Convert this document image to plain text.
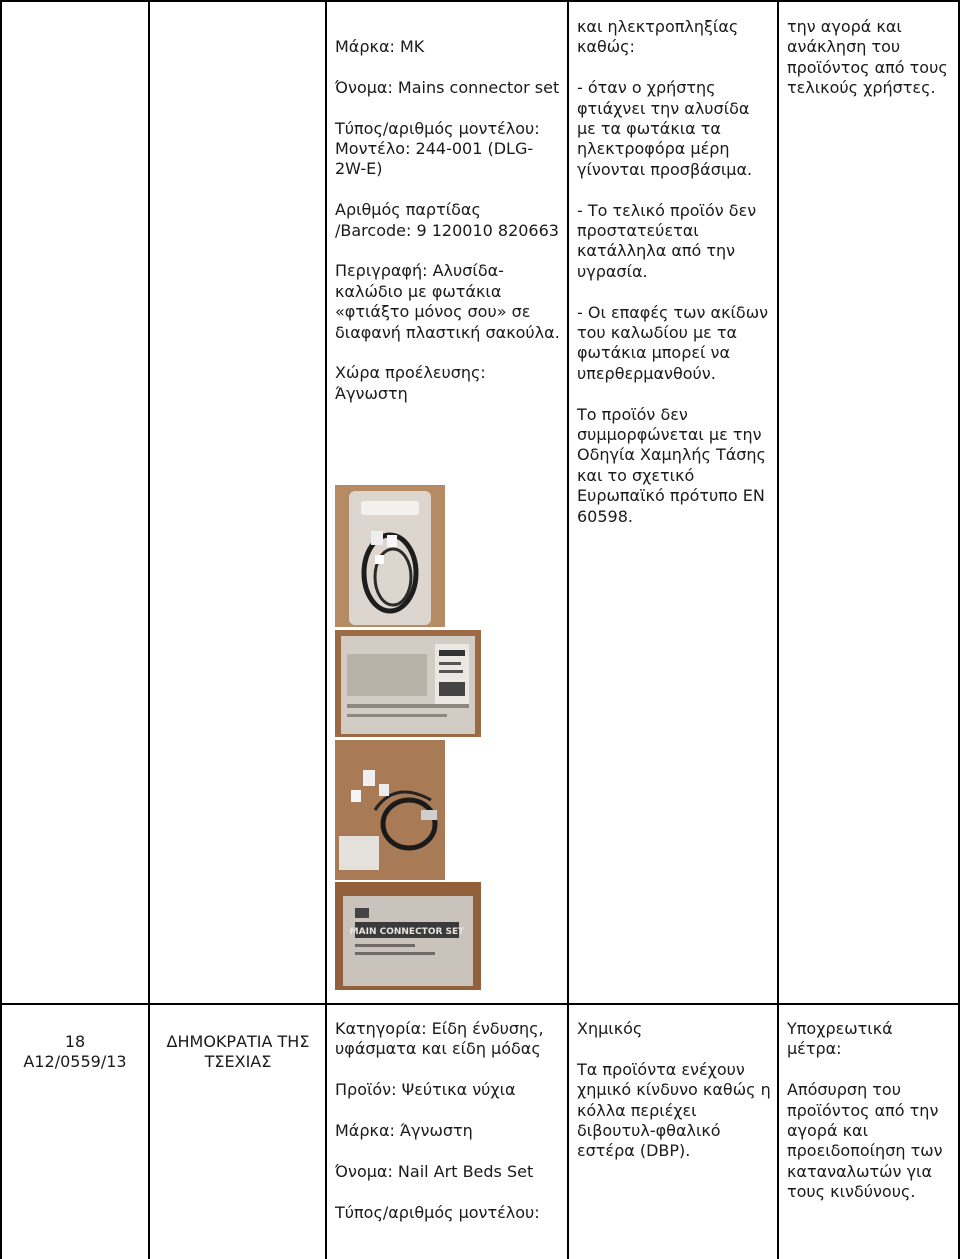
Μάρκα: ΜΚ

Όνομα: Mains connector set

Τύπος/αριθμός μοντέλου: Μοντέλο: 244-001 (DLG-2W-E)

Αριθμός παρτίδας /Barcode: 9 120010 820663

Περιγραφή: Αλυσίδα-καλώδιο με φωτάκια «φτιάξτο μόνος σου» σε διαφανή πλαστική σακούλα.

Χώρα προέλευσης: Άγνωστη

MAIN CONNECTOR SET

και ηλεκτροπληξίας καθώς:

- όταν ο χρήστης φτιάχνει την αλυσίδα με τα φωτάκια τα ηλεκτροφόρα μέρη γίνονται προσβάσιμα.

- Το τελικό προϊόν δεν προστατεύεται κατάλληλα από την υγρασία.

- Οι επαφές των ακίδων του καλωδίου με τα φωτάκια μπορεί να υπερθερμανθούν.

Το προϊόν δεν συμμορφώνεται με την Οδηγία Χαμηλής Τάσης και το σχετικό Ευρωπαϊκό πρότυπο EN 60598.

την αγορά και ανάκληση του προϊόντος από τους τελικούς χρήστες.

18
A12/0559/13
ΔΗΜΟΚΡΑΤΙΑ ΤΗΣ ΤΣΕΧΙΑΣ

Κατηγορία: Είδη ένδυσης, υφάσματα και είδη μόδας

Προϊόν: Ψεύτικα νύχια

Μάρκα: Άγνωστη

Όνομα: Nail Art Beds Set

Τύπος/αριθμός μοντέλου:

Χημικός

Τα προϊόντα ενέχουν χημικό κίνδυνο καθώς η κόλλα περιέχει διβουτυλ-φθαλικό εστέρα (DBP).

Υποχρεωτικά μέτρα:

Απόσυρση του προϊόντος από την αγορά και προειδοποίηση των καταναλωτών για τους κινδύνους.
